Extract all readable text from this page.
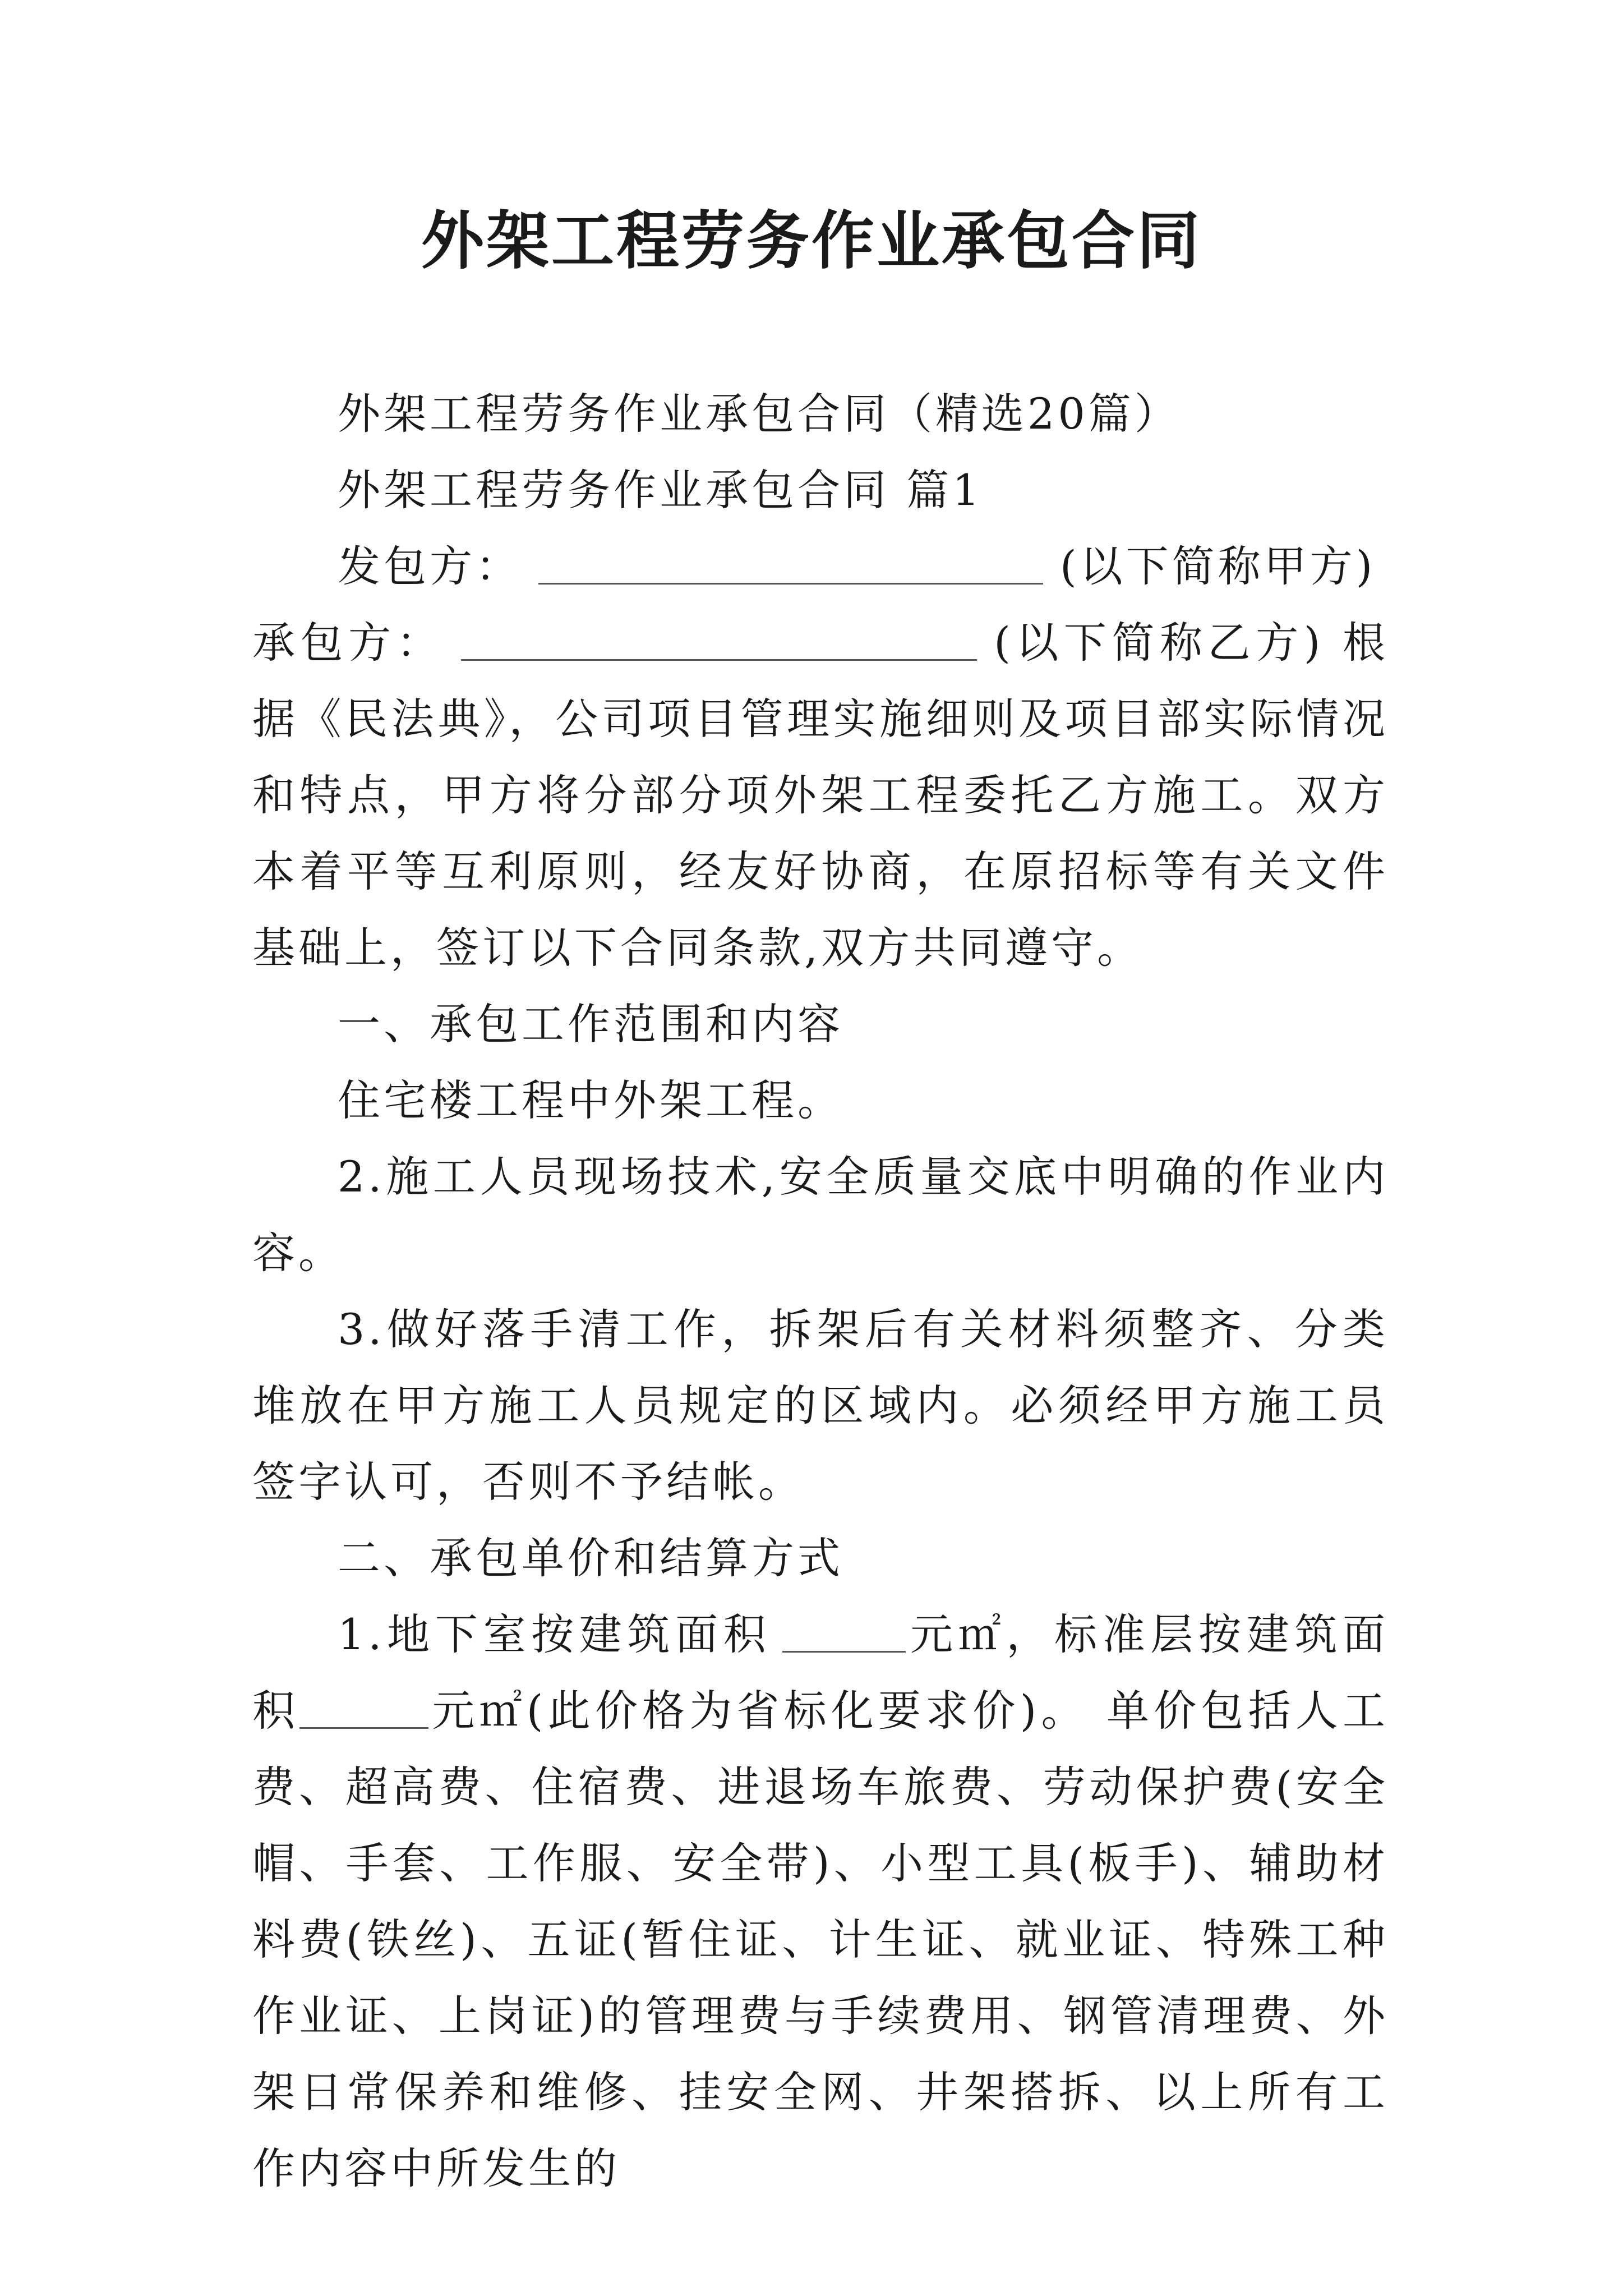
外架工程劳务作业承包合同

外架工程劳务作业承包合同（精选20篇）

外架工程劳务作业承包合同 篇1

发包方：	(以下简称甲方)

承包方：	(以下简称乙方) 根据《民法典》，公司项目管理实施细则及项目部实际情况和特点，甲方将分部分项外架工程委托乙方施工。双方本着平等互利原则，经友好协商，在原招标等有关文件基础上，签订以下合同条款,双方共同遵守。

一、承包工作范围和内容

住宅楼工程中外架工程。

2.施工人员现场技术,安全质量交底中明确的作业内容。

3.做好落手清工作，拆架后有关材料须整齐、分类堆放在甲方施工人员规定的区域内。必须经甲方施工员签字认可，否则不予结帐。

二、承包单价和结算方式

1.地下室按建筑面积	元㎡，标准层按建筑面积	元㎡(此价格为省标化要求价)。 单价包括人工费、超高费、住宿费、进退场车旅费、劳动保护费(安全帽、手套、工作服、安全带)、小型工具(板手)、辅助材料费(铁丝)、五证(暂住证、计生证、就业证、特殊工种作业证、上岗证)的管理费与手续费用、钢管清理费、外架日常保养和维修、挂安全网、井架搭拆、以上所有工作内容中所发生的
